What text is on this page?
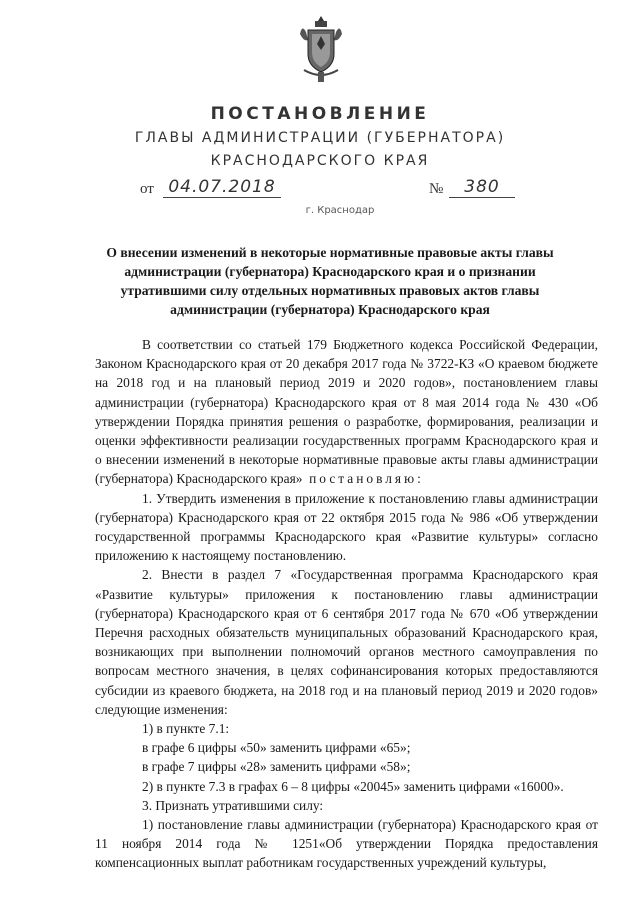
ПОСТАНОВЛЕНИЕ
ГЛАВЫ АДМИНИСТРАЦИИ (ГУБЕРНАТОРА)
КРАСНОДАРСКОГО КРАЯ
от 04.07.2018	№	380
г. Краснодар
О внесении изменений в некоторые нормативные правовые акты главы администрации (губернатора) Краснодарского края и о признании утратившими силу отдельных нормативных правовых актов главы администрации (губернатора) Краснодарского края

В соответствии со статьей 179 Бюджетного кодекса Российской Федерации, Законом Краснодарского края от 20 декабря 2017 года № 3722-КЗ «О краевом бюджете на 2018 год и на плановый период 2019 и 2020 годов», постановлением главы администрации (губернатора) Краснодарского края от 8 мая 2014 года № 430 «Об утверждении Порядка принятия решения о разработке, формирования, реализации и оценки эффективности реализации государственных программ Краснодарского края и о внесении изменений в некоторые нормативные правовые акты главы администрации (губернатора) Краснодарского края» постановляю:

1. Утвердить изменения в приложение к постановлению главы администрации (губернатора) Краснодарского края от 22 октября 2015 года № 986 «Об утверждении государственной программы Краснодарского края «Развитие культуры» согласно приложению к настоящему постановлению.

2. Внести в раздел 7 «Государственная программа Краснодарского края «Развитие культуры» приложения к постановлению главы администрации (губернатора) Краснодарского края от 6 сентября 2017 года № 670 «Об утверждении Перечня расходных обязательств муниципальных образований Краснодарского края, возникающих при выполнении полномочий органов местного самоуправления по вопросам местного значения, в целях софинансирования которых предоставляются субсидии из краевого бюджета, на 2018 год и на плановый период 2019 и 2020 годов» следующие изменения:

1) в пункте 7.1:

в графе 6 цифры «50» заменить цифрами «65»;

в графе 7 цифры «28» заменить цифрами «58»;

2) в пункте 7.3 в графах 6 – 8 цифры «20045» заменить цифрами «16000».

3. Признать утратившими силу:

1) постановление главы администрации (губернатора) Краснодарского края от 11 ноября 2014 года № 1251«Об утверждении Порядка предоставления компенсационных выплат работникам государственных учреждений культуры,
